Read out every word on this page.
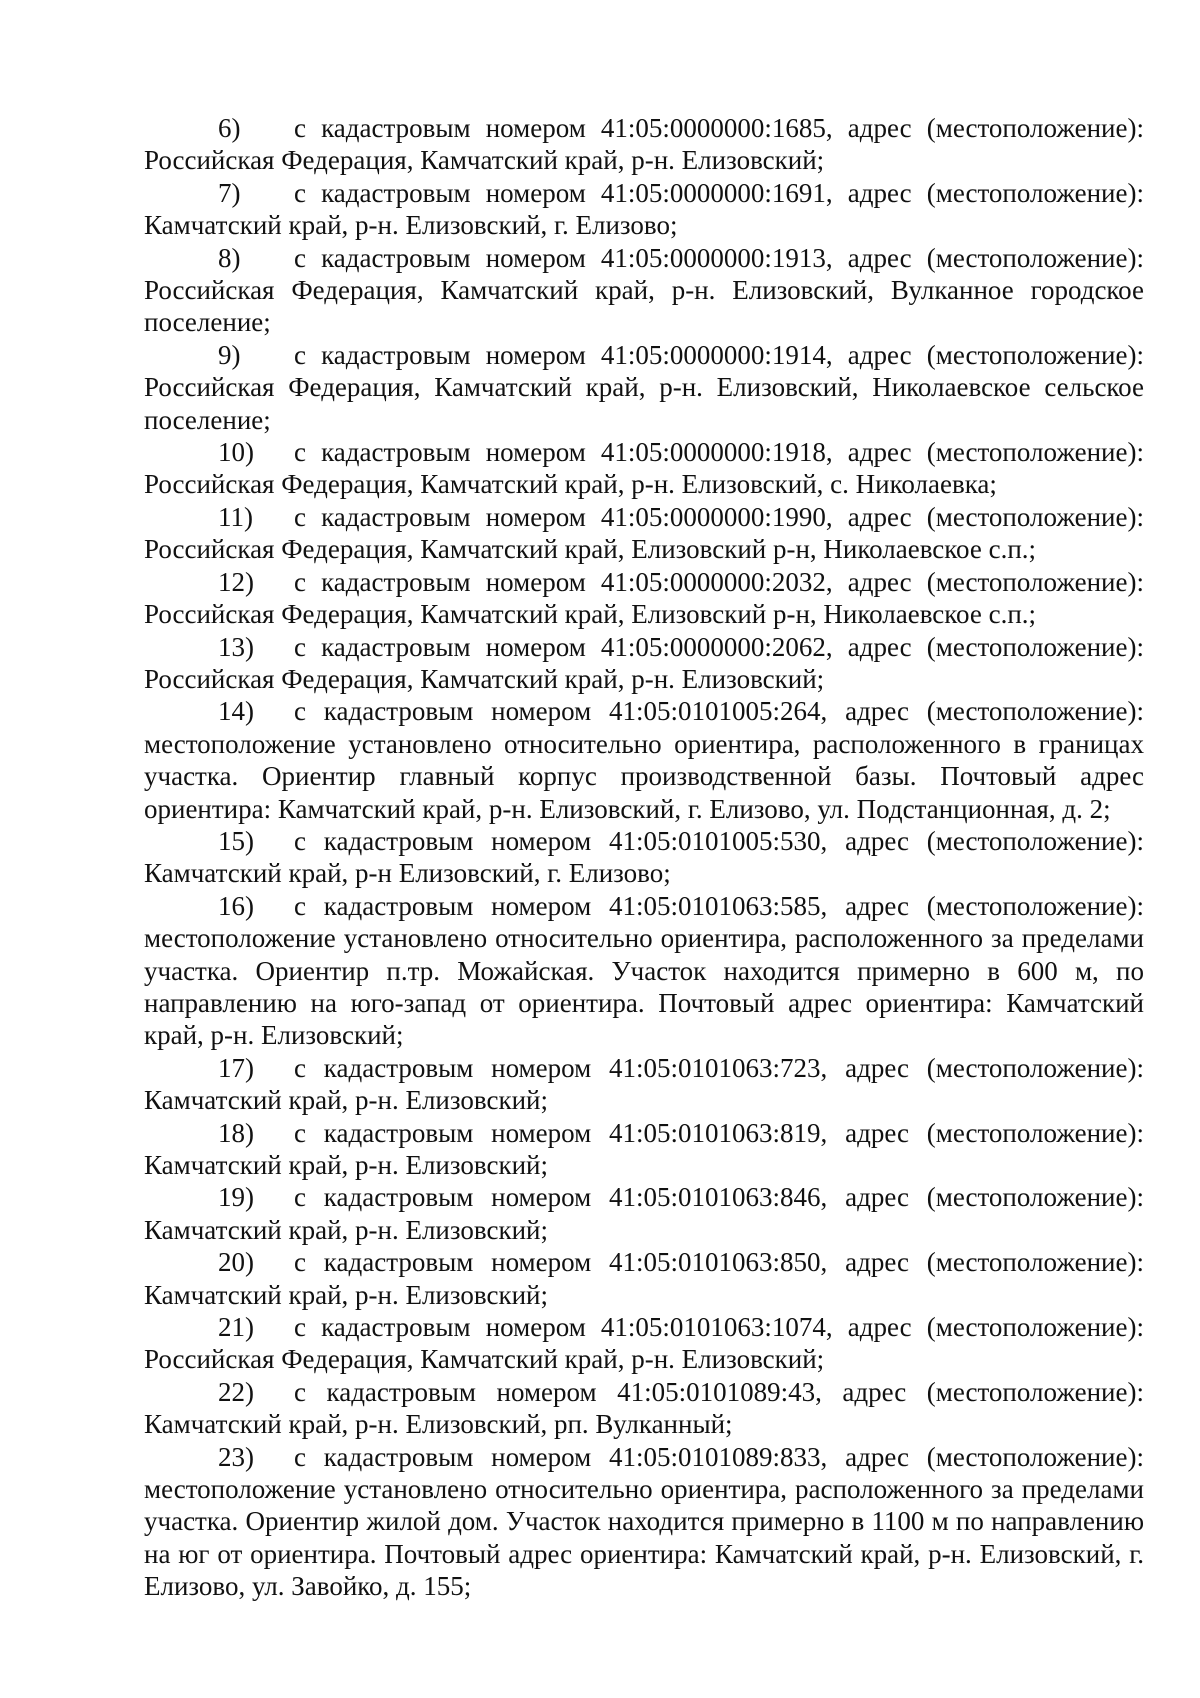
6) с кадастровым номером 41:05:0000000:1685, адрес (местоположение): Российская Федерация, Камчатский край, р-н. Елизовский;

7) с кадастровым номером 41:05:0000000:1691, адрес (местоположение): Камчатский край, р-н. Елизовский, г. Елизово;

8) с кадастровым номером 41:05:0000000:1913, адрес (местоположение): Российская Федерация, Камчатский край, р-н. Елизовский, Вулканное городское поселение;

9) с кадастровым номером 41:05:0000000:1914, адрес (местоположение): Российская Федерация, Камчатский край, р-н. Елизовский, Николаевское сельское поселение;

10) с кадастровым номером 41:05:0000000:1918, адрес (местоположение): Российская Федерация, Камчатский край, р-н. Елизовский, с. Николаевка;

11) с кадастровым номером 41:05:0000000:1990, адрес (местоположение): Российская Федерация, Камчатский край, Елизовский р-н, Николаевское с.п.;

12) с кадастровым номером 41:05:0000000:2032, адрес (местоположение): Российская Федерация, Камчатский край, Елизовский р-н, Николаевское с.п.;

13) с кадастровым номером 41:05:0000000:2062, адрес (местоположение): Российская Федерация, Камчатский край, р-н. Елизовский;

14) с кадастровым номером 41:05:0101005:264, адрес (местоположение): местоположение установлено относительно ориентира, расположенного в границах участка. Ориентир главный корпус производственной базы. Почтовый адрес ориентира: Камчатский край, р-н. Елизовский, г. Елизово, ул. Подстанционная, д. 2;

15) с кадастровым номером 41:05:0101005:530, адрес (местоположение): Камчатский край, р-н Елизовский, г. Елизово;

16) с кадастровым номером 41:05:0101063:585, адрес (местоположение): местоположение установлено относительно ориентира, расположенного за пределами участка. Ориентир п.тр. Можайская. Участок находится примерно в 600 м, по направлению на юго-запад от ориентира. Почтовый адрес ориентира: Камчатский край, р-н. Елизовский;

17) с кадастровым номером 41:05:0101063:723, адрес (местоположение): Камчатский край, р-н. Елизовский;

18) с кадастровым номером 41:05:0101063:819, адрес (местоположение): Камчатский край, р-н. Елизовский;

19) с кадастровым номером 41:05:0101063:846, адрес (местоположение): Камчатский край, р-н. Елизовский;

20) с кадастровым номером 41:05:0101063:850, адрес (местоположение): Камчатский край, р-н. Елизовский;

21) с кадастровым номером 41:05:0101063:1074, адрес (местоположение): Российская Федерация, Камчатский край, р-н. Елизовский;

22) с кадастровым номером 41:05:0101089:43, адрес (местоположение): Камчатский край, р-н. Елизовский, рп. Вулканный;

23) с кадастровым номером 41:05:0101089:833, адрес (местоположение): местоположение установлено относительно ориентира, расположенного за пределами участка. Ориентир жилой дом. Участок находится примерно в 1100 м по направлению на юг от ориентира. Почтовый адрес ориентира: Камчатский край, р-н. Елизовский, г. Елизово, ул. Завойко, д. 155;
